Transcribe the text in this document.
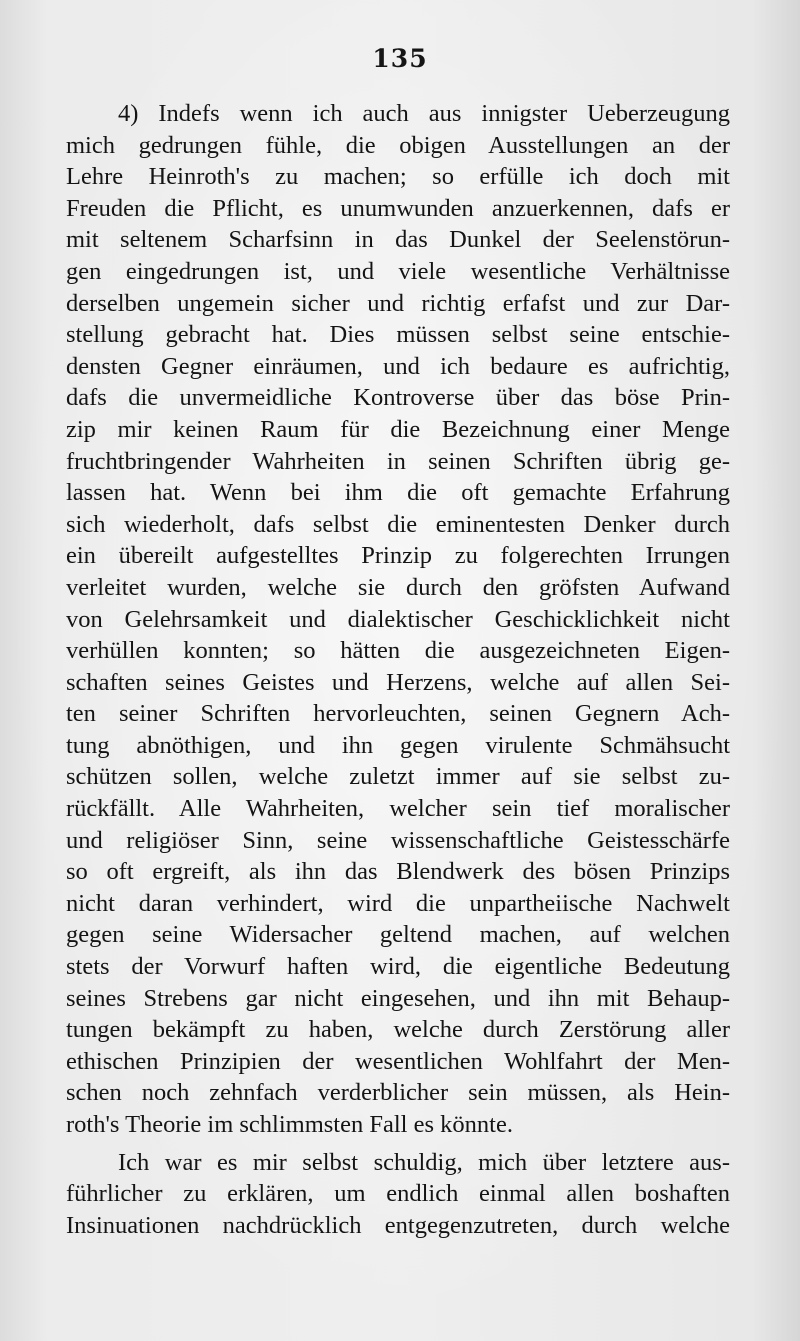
135
4) Indefs wenn ich auch aus innigster Ueberzeugung
mich gedrungen fühle, die obigen Ausstellungen an der
Lehre Heinroth's zu machen; so erfülle ich doch mit
Freuden die Pflicht, es unumwunden anzuerkennen, dafs er
mit seltenem Scharfsinn in das Dunkel der Seelenstörun-
gen eingedrungen ist, und viele wesentliche Verhältnisse
derselben ungemein sicher und richtig erfafst und zur Dar-
stellung gebracht hat. Dies müssen selbst seine entschie-
densten Gegner einräumen, und ich bedaure es aufrichtig,
dafs die unvermeidliche Kontroverse über das böse Prin-
zip mir keinen Raum für die Bezeichnung einer Menge
fruchtbringender Wahrheiten in seinen Schriften übrig ge-
lassen hat. Wenn bei ihm die oft gemachte Erfahrung
sich wiederholt, dafs selbst die eminentesten Denker durch
ein übereilt aufgestelltes Prinzip zu folgerechten Irrungen
verleitet wurden, welche sie durch den gröfsten Aufwand
von Gelehrsamkeit und dialektischer Geschicklichkeit nicht
verhüllen konnten; so hätten die ausgezeichneten Eigen-
schaften seines Geistes und Herzens, welche auf allen Sei-
ten seiner Schriften hervorleuchten, seinen Gegnern Ach-
tung abnöthigen, und ihn gegen virulente Schmähsucht
schützen sollen, welche zuletzt immer auf sie selbst zu-
rückfällt. Alle Wahrheiten, welcher sein tief moralischer
und religiöser Sinn, seine wissenschaftliche Geistesschärfe
so oft ergreift, als ihn das Blendwerk des bösen Prinzips
nicht daran verhindert, wird die unpartheiische Nachwelt
gegen seine Widersacher geltend machen, auf welchen
stets der Vorwurf haften wird, die eigentliche Bedeutung
seines Strebens gar nicht eingesehen, und ihn mit Behaup-
tungen bekämpft zu haben, welche durch Zerstörung aller
ethischen Prinzipien der wesentlichen Wohlfahrt der Men-
schen noch zehnfach verderblicher sein müssen, als Hein-
roth's Theorie im schlimmsten Fall es könnte.
Ich war es mir selbst schuldig, mich über letztere aus-
führlicher zu erklären, um endlich einmal allen boshaften
Insinuationen nachdrücklich entgegenzutreten, durch welche
